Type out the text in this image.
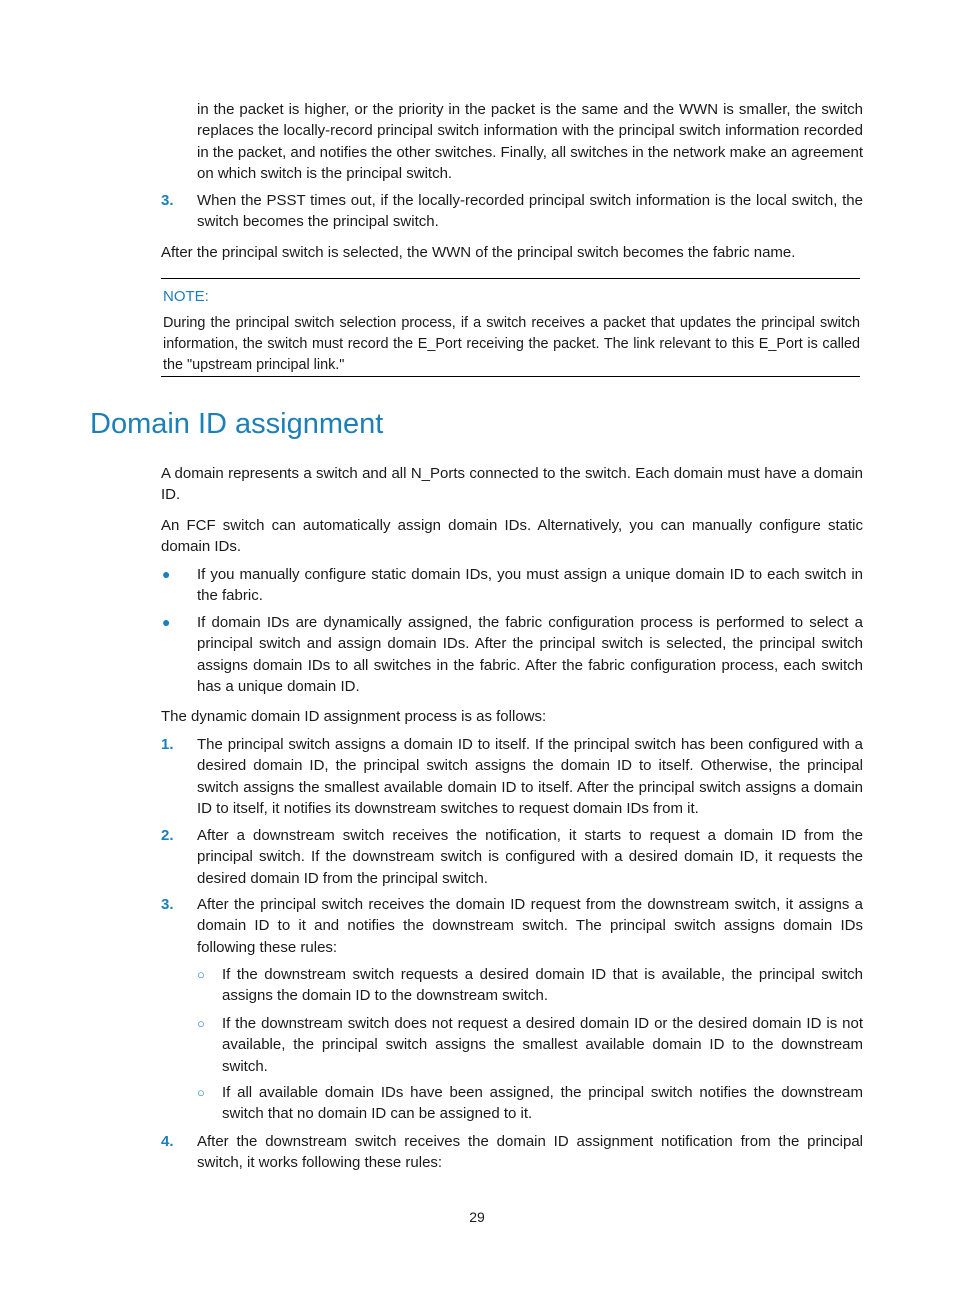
in the packet is higher, or the priority in the packet is the same and the WWN is smaller, the switch replaces the locally-record principal switch information with the principal switch information recorded in the packet, and notifies the other switches. Finally, all switches in the network make an agreement on which switch is the principal switch.

3. When the PSST times out, if the locally-recorded principal switch information is the local switch, the switch becomes the principal switch.

After the principal switch is selected, the WWN of the principal switch becomes the fabric name.

NOTE:

During the principal switch selection process, if a switch receives a packet that updates the principal switch information, the switch must record the E_Port receiving the packet. The link relevant to this E_Port is called the "upstream principal link."

Domain ID assignment

A domain represents a switch and all N_Ports connected to the switch. Each domain must have a domain ID.

An FCF switch can automatically assign domain IDs. Alternatively, you can manually configure static domain IDs.

● If you manually configure static domain IDs, you must assign a unique domain ID to each switch in the fabric.

● If domain IDs are dynamically assigned, the fabric configuration process is performed to select a principal switch and assign domain IDs. After the principal switch is selected, the principal switch assigns domain IDs to all switches in the fabric. After the fabric configuration process, each switch has a unique domain ID.

The dynamic domain ID assignment process is as follows:

1. The principal switch assigns a domain ID to itself. If the principal switch has been configured with a desired domain ID, the principal switch assigns the domain ID to itself. Otherwise, the principal switch assigns the smallest available domain ID to itself. After the principal switch assigns a domain ID to itself, it notifies its downstream switches to request domain IDs from it.

2. After a downstream switch receives the notification, it starts to request a domain ID from the principal switch. If the downstream switch is configured with a desired domain ID, it requests the desired domain ID from the principal switch.

3. After the principal switch receives the domain ID request from the downstream switch, it assigns a domain ID to it and notifies the downstream switch. The principal switch assigns domain IDs following these rules:

○ If the downstream switch requests a desired domain ID that is available, the principal switch assigns the domain ID to the downstream switch.

○ If the downstream switch does not request a desired domain ID or the desired domain ID is not available, the principal switch assigns the smallest available domain ID to the downstream switch.

○ If all available domain IDs have been assigned, the principal switch notifies the downstream switch that no domain ID can be assigned to it.

4. After the downstream switch receives the domain ID assignment notification from the principal switch, it works following these rules:

29
